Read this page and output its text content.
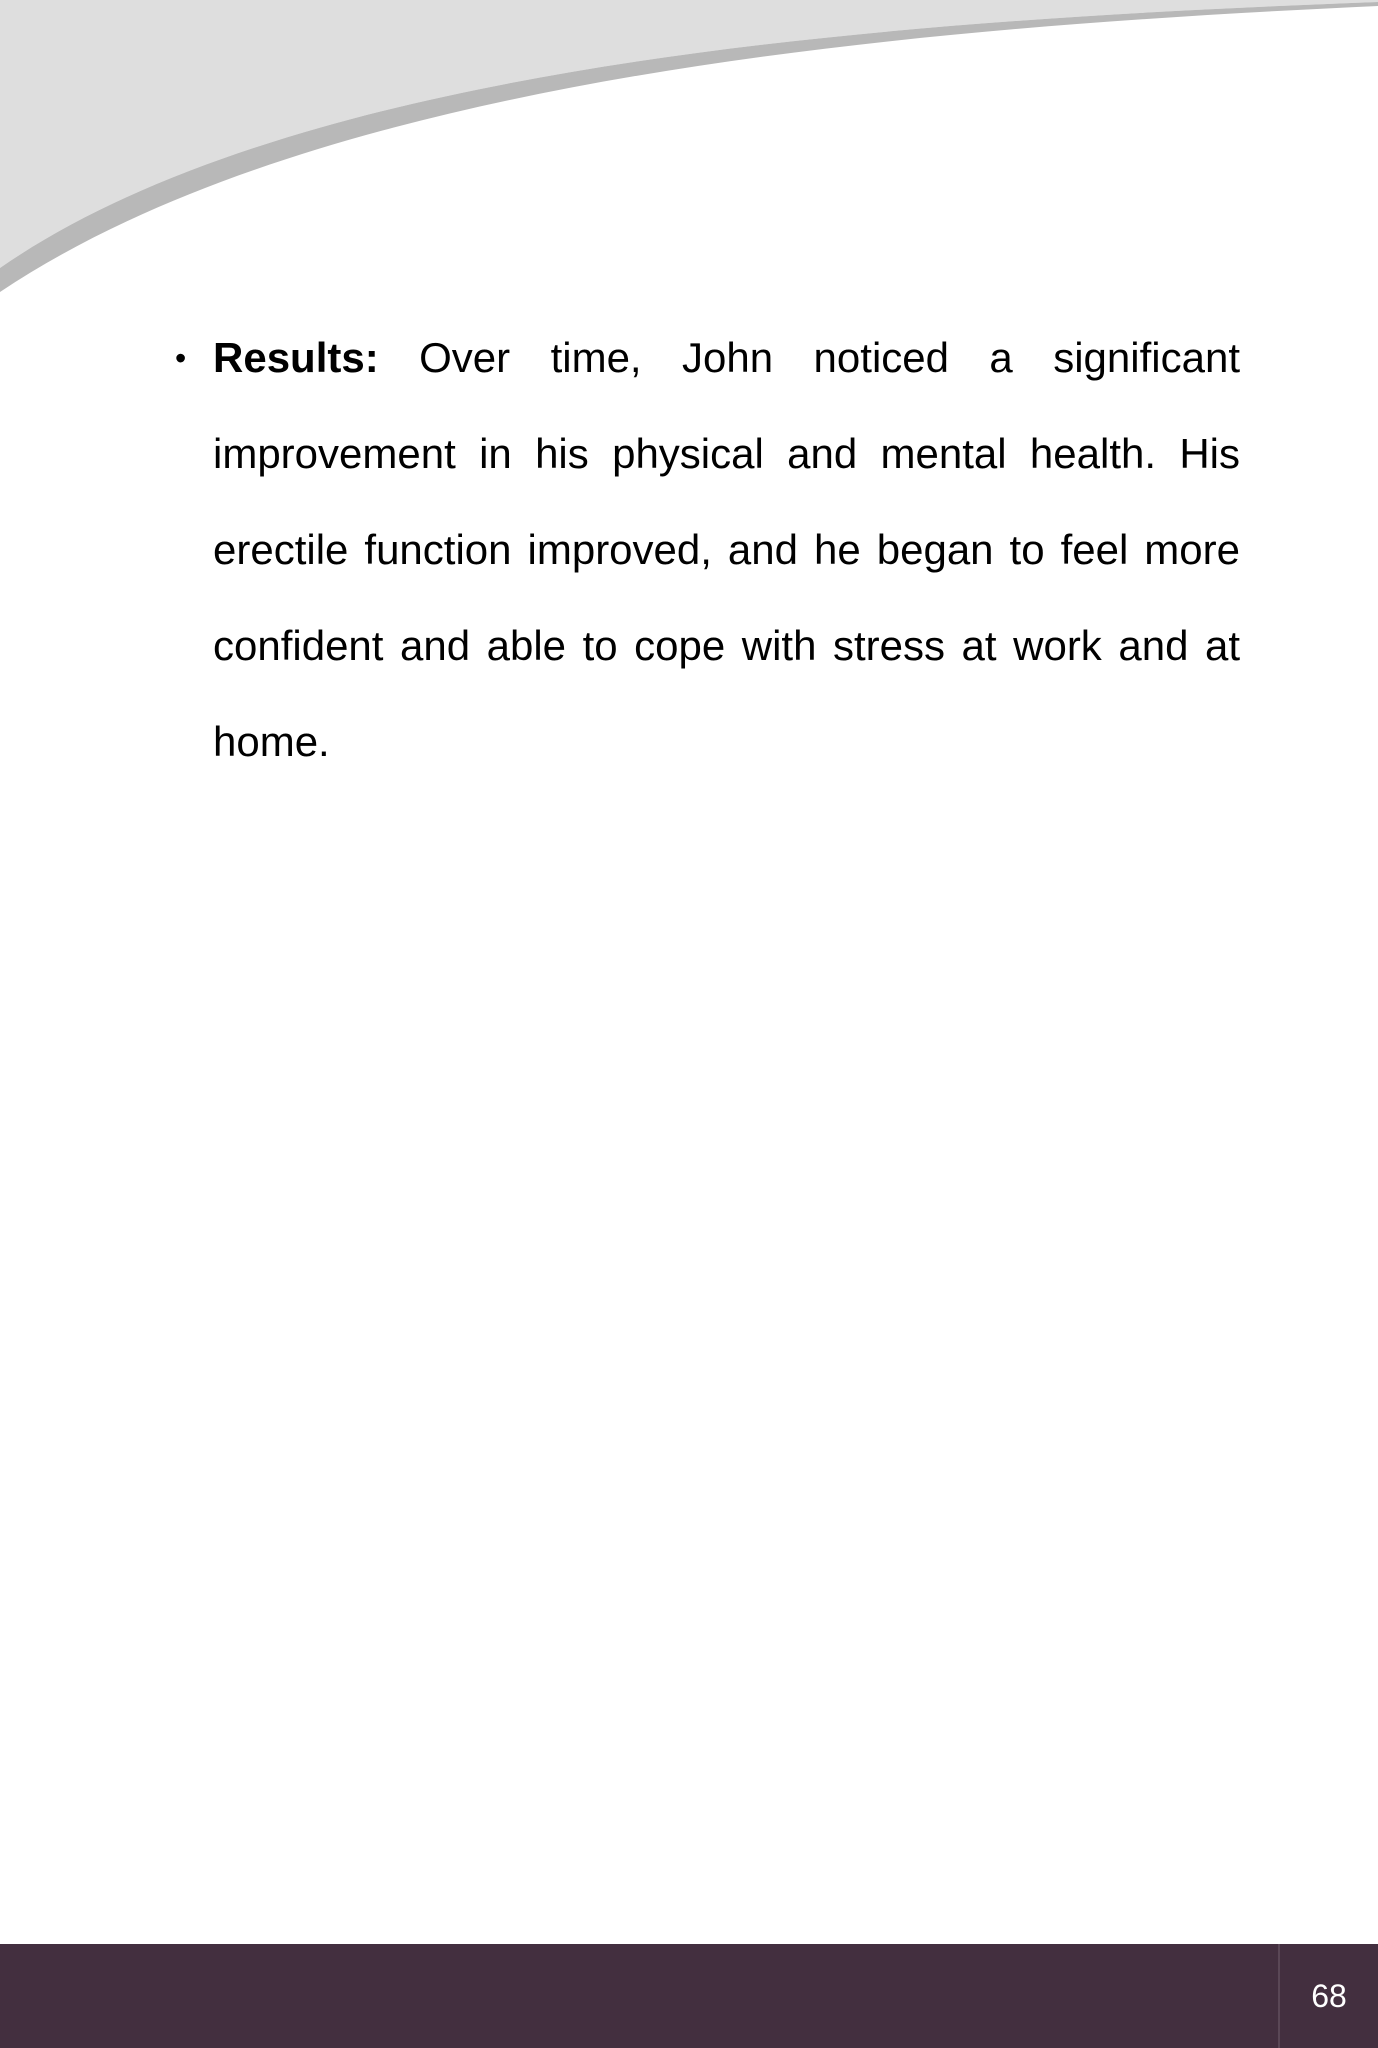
• Results: Over time, John noticed a significant improvement in his physical and mental health. His erectile function improved, and he began to feel more confident and able to cope with stress at work and at home.
68
